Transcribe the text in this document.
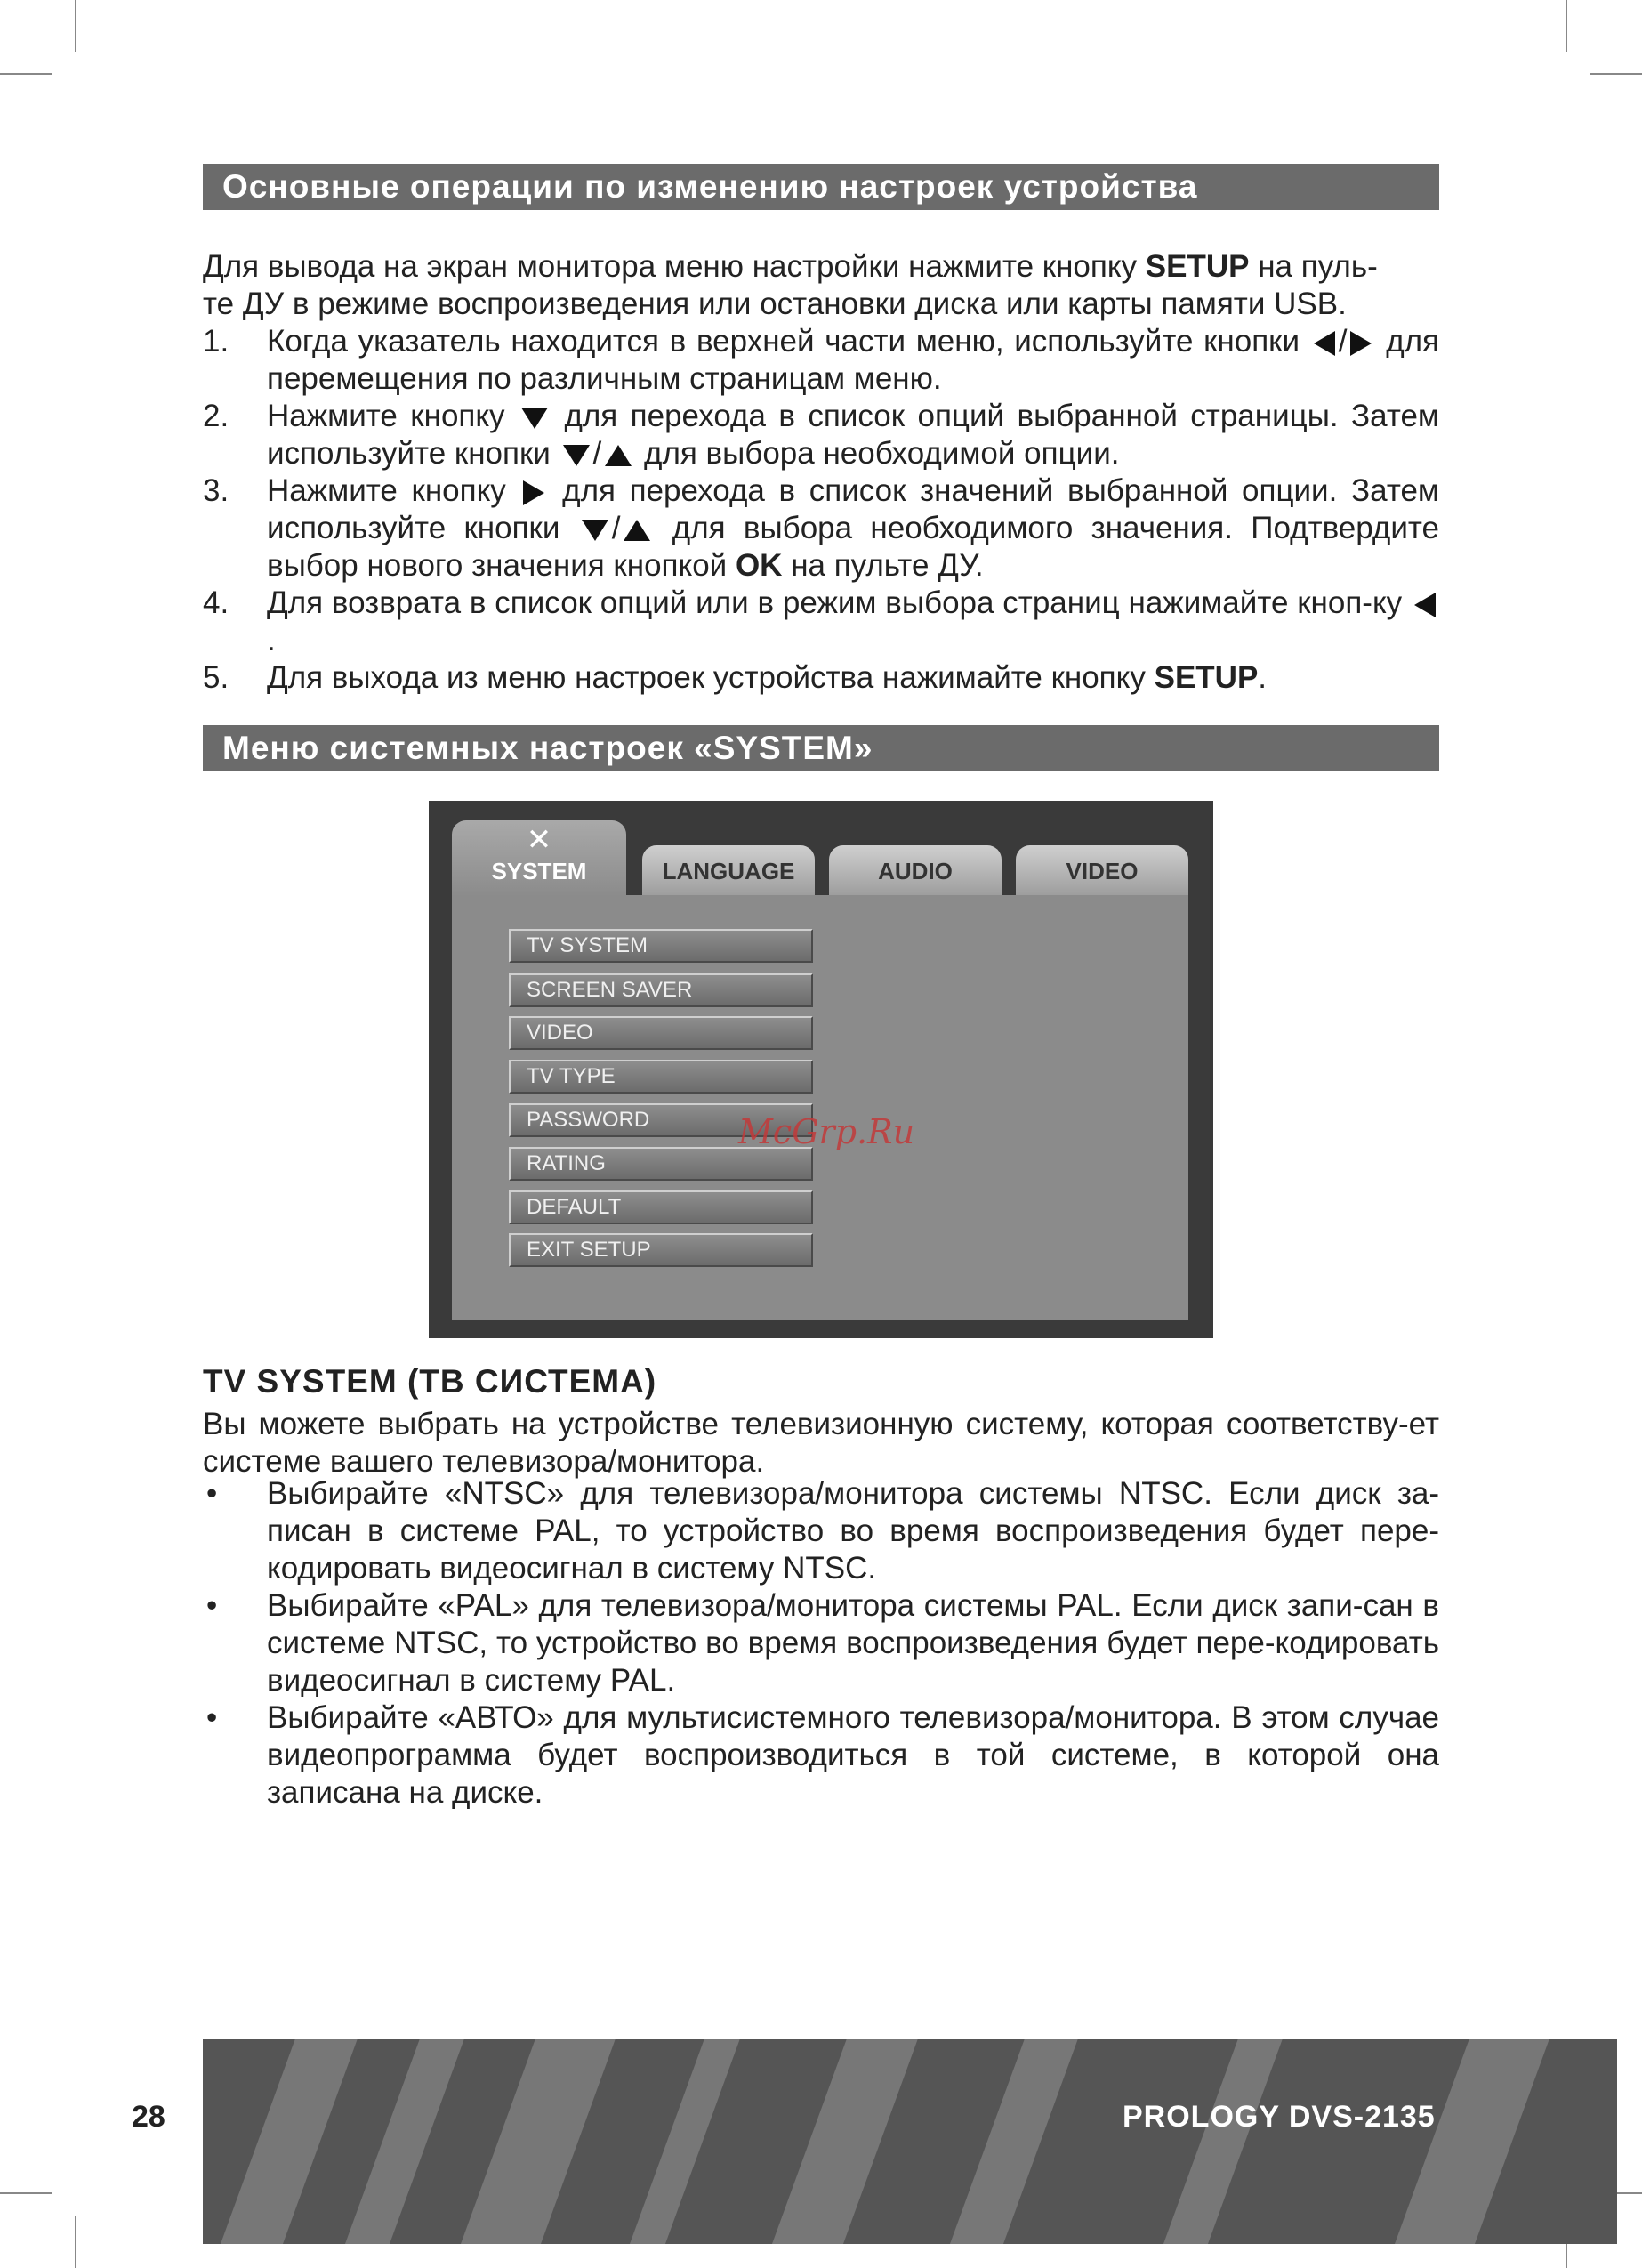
Основные операции по изменению настроек устройства
Для вывода на экран монитора меню настройки нажмите кнопку SETUP на пуль-
те ДУ в режиме воспроизведения или остановки диска или карты памяти USB.
1. Когда указатель находится в верхней части меню, используйте кнопки / для перемещения по различным страницам меню.
2. Нажмите кнопку для перехода в список опций выбранной страницы. Затем используйте кнопки / для выбора необходимой опции.
3. Нажмите кнопку для перехода в список значений выбранной опции. Затем используйте кнопки / для выбора необходимого значения. Подтвердите выбор нового значения кнопкой OK на пульте ДУ.
4. Для возврата в список опций или в режим выбора страниц нажимайте кноп-ку .
5. Для выхода из меню настроек устройства нажимайте кнопку SETUP.
Меню системных настроек «SYSTEM»
✕
SYSTEM	LANGUAGE	AUDIO	VIDEO
TV SYSTEM
SCREEN SAVER
VIDEO
TV TYPE
PASSWORD
RATING
DEFAULT
EXIT SETUP
McGrp.Ru
TV SYSTEM (ТВ СИСТЕМА)
Вы можете выбрать на устройстве телевизионную систему, которая соответству-ет системе вашего телевизора/монитора.
• Выбирайте «NTSC» для телевизора/монитора системы NTSC. Если диск за-писан в системе PAL, то устройство во время воспроизведения будет пере-кодировать видеосигнал в систему NTSC.
• Выбирайте «PAL» для телевизора/монитора системы PAL. Если диск запи-сан в системе NTSC, то устройство во время воспроизведения будет пере-кодировать видеосигнал в систему PAL.
• Выбирайте «АВТО» для мультисистемного телевизора/монитора. В этом случае видеопрограмма будет воспроизводиться в той системе, в которой она записана на диске.
28	PROLOGY DVS-2135
